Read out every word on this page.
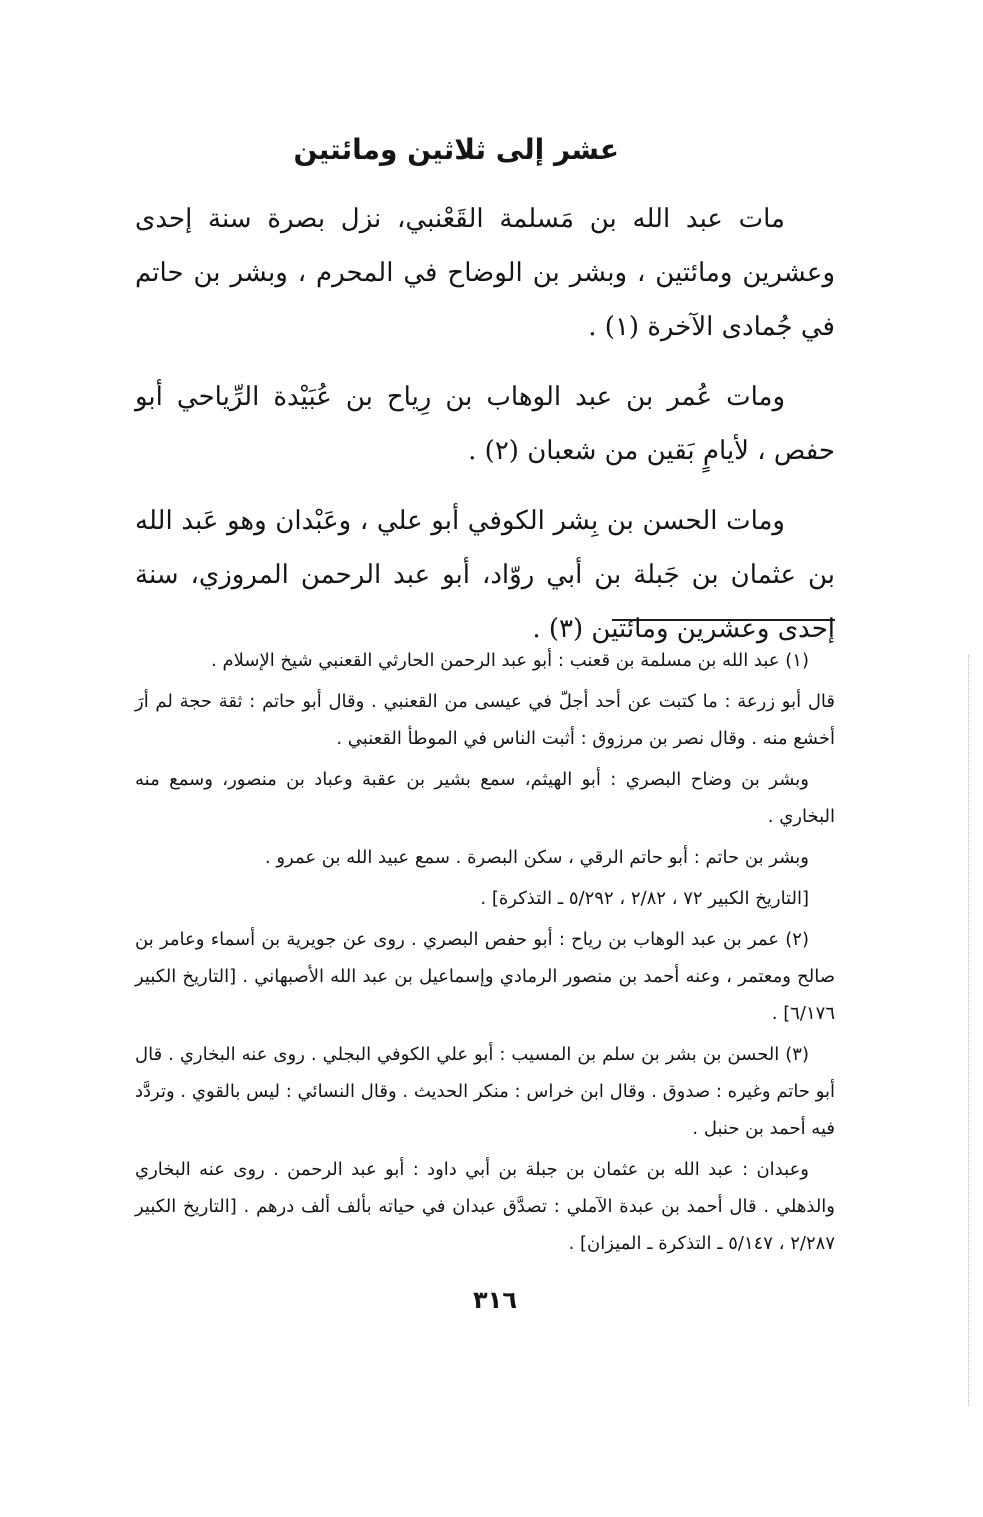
عشر إلى ثلاثين ومائتين

مات عبد الله بن مَسلمة القَعْنبي، نزل بصرة سنة إحدى وعشرين ومائتين ، وبشر بن الوضاح في المحرم ، وبشر بن حاتم في جُمادى الآخرة (١) .

ومات عُمر بن عبد الوهاب بن رِياح بن عُبَيْدة الرِّياحي أبو حفص ، لأيامٍ بَقين من شعبان (٢) .

ومات الحسن بن بِشر الكوفي أبو علي ، وعَبْدان وهو عَبد الله بن عثمان بن جَبلة بن أبي روّاد، أبو عبد الرحمن المروزي، سنة إحدى وعشرين ومائتين (٣) .

(١) عبد الله بن مسلمة بن قعنب : أبو عبد الرحمن الحارثي القعنبي شيخ الإسلام .

قال أبو زرعة : ما كتبت عن أحد أجلّ في عيسى من القعنبي . وقال أبو حاتم : ثقة حجة لم أرَ أخشع منه . وقال نصر بن مرزوق : أثبت الناس في الموطأ القعنبي .

وبشر بن وضاح البصري : أبو الهيثم، سمع بشير بن عقبة وعباد بن منصور، وسمع منه البخاري .

وبشر بن حاتم : أبو حاتم الرقي ، سكن البصرة . سمع عبيد الله بن عمرو .

[التاريخ الكبير ٧٢ ، ٢/٨٢ ، ٥/٢٩٢ ـ التذكرة] .

(٢) عمر بن عبد الوهاب بن رياح : أبو حفص البصري . روى عن جويرية بن أسماء وعامر بن صالح ومعتمر ، وعنه أحمد بن منصور الرمادي وإسماعيل بن عبد الله الأصبهاني . [التاريخ الكبير ٦/١٧٦] .

(٣) الحسن بن بشر بن سلم بن المسيب : أبو علي الكوفي البجلي . روى عنه البخاري . قال أبو حاتم وغيره : صدوق . وقال ابن خراس : منكر الحديث . وقال النسائي : ليس بالقوي . وتردَّد فيه أحمد بن حنبل .

وعبدان : عبد الله بن عثمان بن جبلة بن أبي داود : أبو عبد الرحمن . روى عنه البخاري والذهلي . قال أحمد بن عبدة الآملي : تصدَّق عبدان في حياته بألف ألف درهم . [التاريخ الكبير ٢/٢٨٧ ، ٥/١٤٧ ـ التذكرة ـ الميزان] .

٣١٦
